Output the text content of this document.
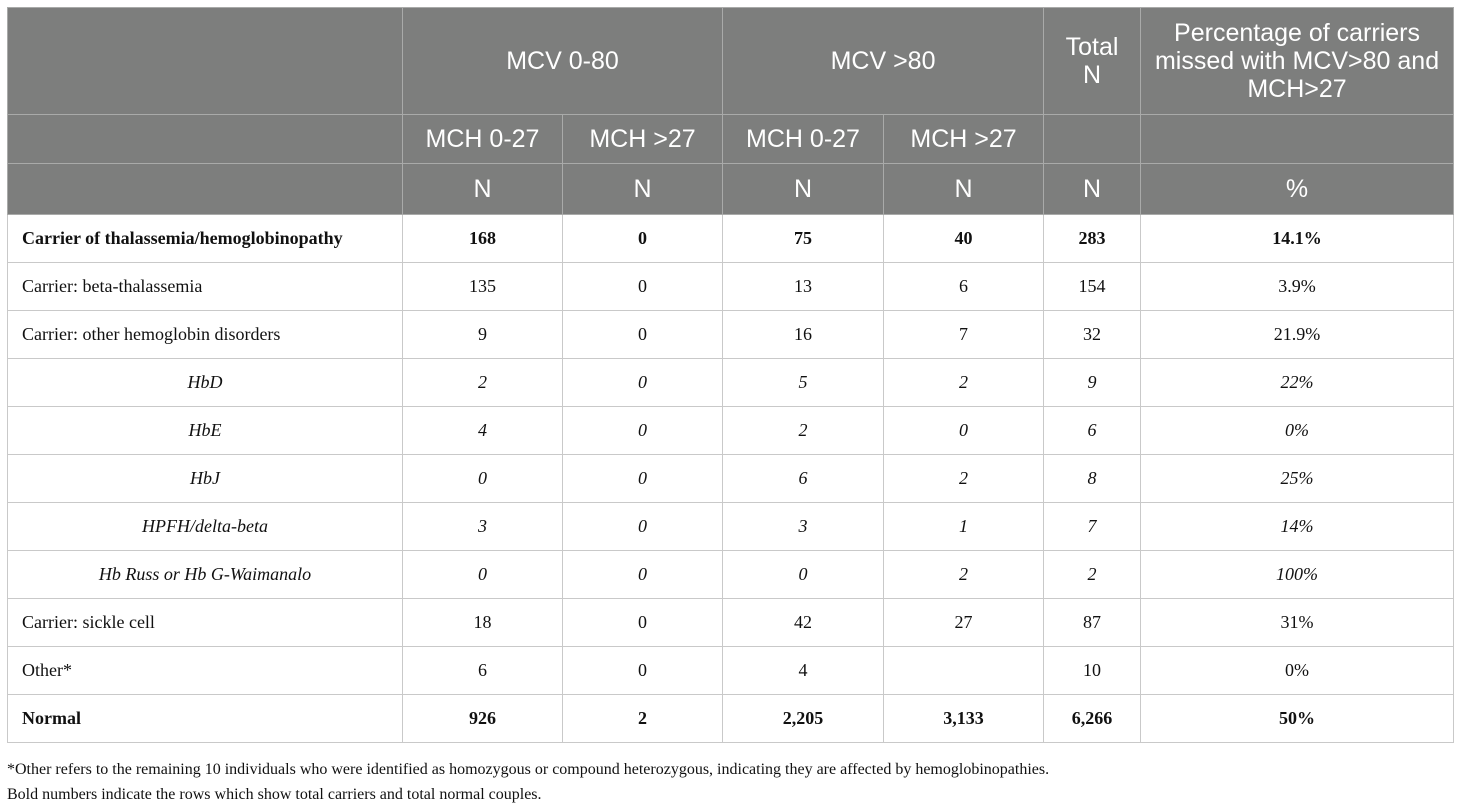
	MCV 0-80		MCV >80		Total N	Percentage of carriers missed with MCV>80 and MCH>27
	MCH 0-27	MCH >27	MCH 0-27	MCH >27		
	N	N	N	N	N	%
Carrier of thalassemia/hemoglobinopathy	168	0	75	40	283	14.1%
Carrier: beta-thalassemia	135	0	13	6	154	3.9%
Carrier: other hemoglobin disorders	9	0	16	7	32	21.9%
HbD	2	0	5	2	9	22%
HbE	4	0	2	0	6	0%
HbJ	0	0	6	2	8	25%
HPFH/delta-beta	3	0	3	1	7	14%
Hb Russ or Hb G-Waimanalo	0	0	0	2	2	100%
Carrier: sickle cell	18	0	42	27	87	31%
Other*	6	0	4		10	0%
Normal	926	2	2,205	3,133	6,266	50%
*Other refers to the remaining 10 individuals who were identified as homozygous or compound heterozygous, indicating they are affected by hemoglobinopathies.
Bold numbers indicate the rows which show total carriers and total normal couples.
